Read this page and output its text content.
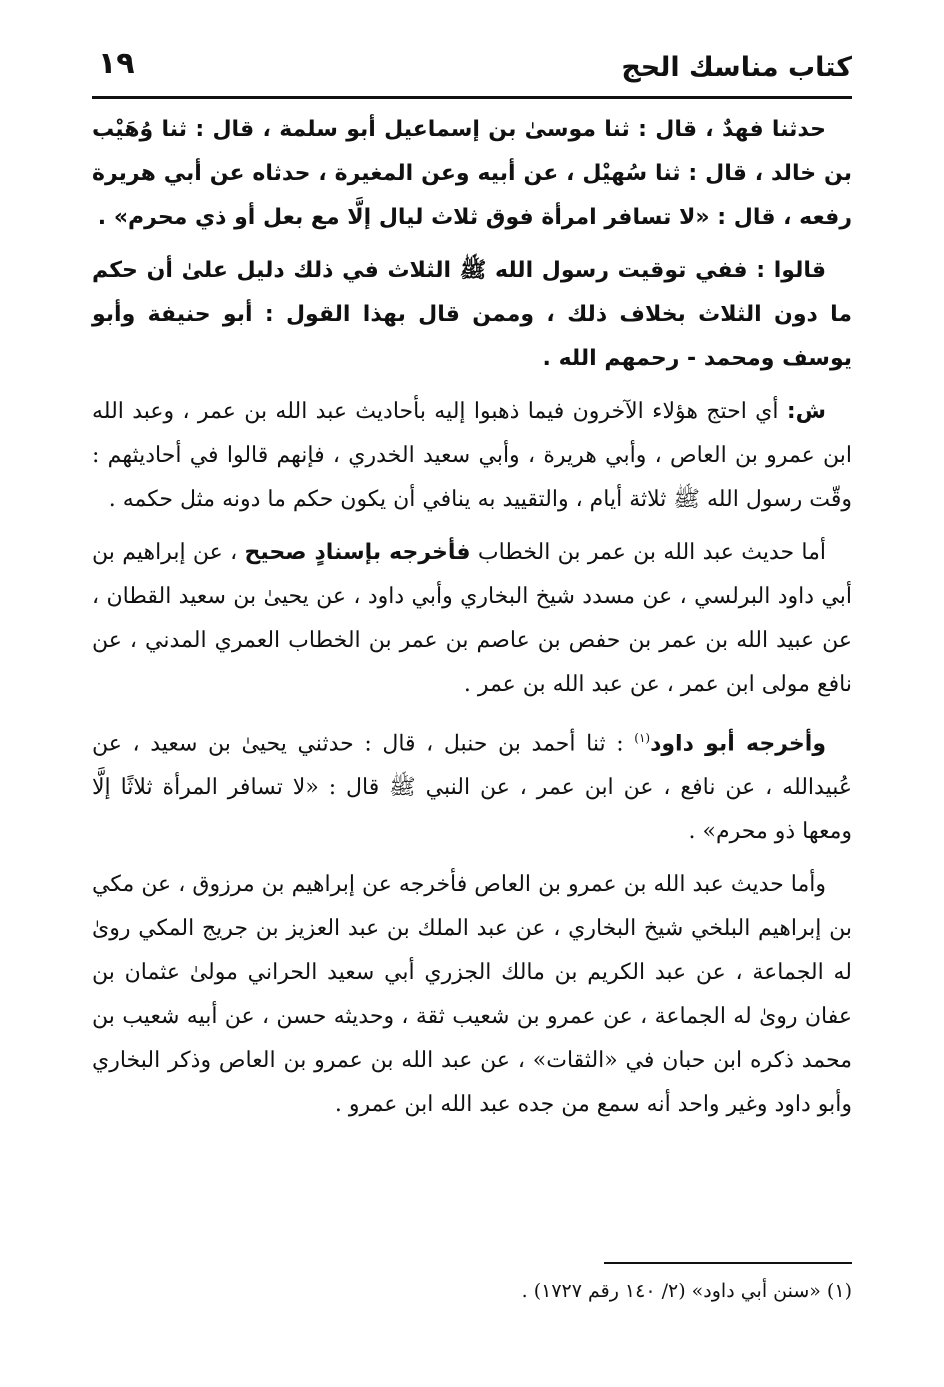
كتاب مناسك الحج
١٩

حدثنا فهدٌ ، قال : ثنا موسىٰ بن إسماعيل أبو سلمة ، قال : ثنا وُهَيْب بن خالد ، قال : ثنا سُهيْل ، عن أبيه وعن المغيرة ، حدثاه عن أبي هريرة رفعه ، قال : «لا تسافر امرأة فوق ثلاث ليال إلَّا مع بعل أو ذي محرم» .

قالوا : ففي توقيت رسول الله ﷺ الثلاث في ذلك دليل علىٰ أن حكم ما دون الثلاث بخلاف ذلك ، وممن قال بهذا القول : أبو حنيفة وأبو يوسف ومحمد - رحمهم الله .

ش: أي احتج هؤلاء الآخرون فيما ذهبوا إليه بأحاديث عبد الله بن عمر ، وعبد الله ابن عمرو بن العاص ، وأبي هريرة ، وأبي سعيد الخدري ، فإنهم قالوا في أحاديثهم : وقّت رسول الله ﷺ ثلاثة أيام ، والتقييد به ينافي أن يكون حكم ما دونه مثل حكمه .

أما حديث عبد الله بن عمر بن الخطاب فأخرجه بإسنادٍ صحيح ، عن إبراهيم بن أبي داود البرلسي ، عن مسدد شيخ البخاري وأبي داود ، عن يحيىٰ بن سعيد القطان ، عن عبيد الله بن عمر بن حفص بن عاصم بن عمر بن الخطاب العمري المدني ، عن نافع مولى ابن عمر ، عن عبد الله بن عمر .

وأخرجه أبو داود$^{(١)}$ : ثنا أحمد بن حنبل ، قال : حدثني يحيىٰ بن سعيد ، عن عُبيدالله ، عن نافع ، عن ابن عمر ، عن النبي ﷺ قال : «لا تسافر المرأة ثلاثًا إلَّا ومعها ذو محرم» .

وأما حديث عبد الله بن عمرو بن العاص فأخرجه عن إبراهيم بن مرزوق ، عن مكي بن إبراهيم البلخي شيخ البخاري ، عن عبد الملك بن عبد العزيز بن جريج المكي روىٰ له الجماعة ، عن عبد الكريم بن مالك الجزري أبي سعيد الحراني مولىٰ عثمان بن عفان روىٰ له الجماعة ، عن عمرو بن شعيب ثقة ، وحديثه حسن ، عن أبيه شعيب بن محمد ذكره ابن حبان في «الثقات» ، عن عبد الله بن عمرو بن العاص وذكر البخاري وأبو داود وغير واحد أنه سمع من جده عبد الله ابن عمرو .

(١) «سنن أبي داود» (٢/ ١٤٠ رقم ١٧٢٧) .
